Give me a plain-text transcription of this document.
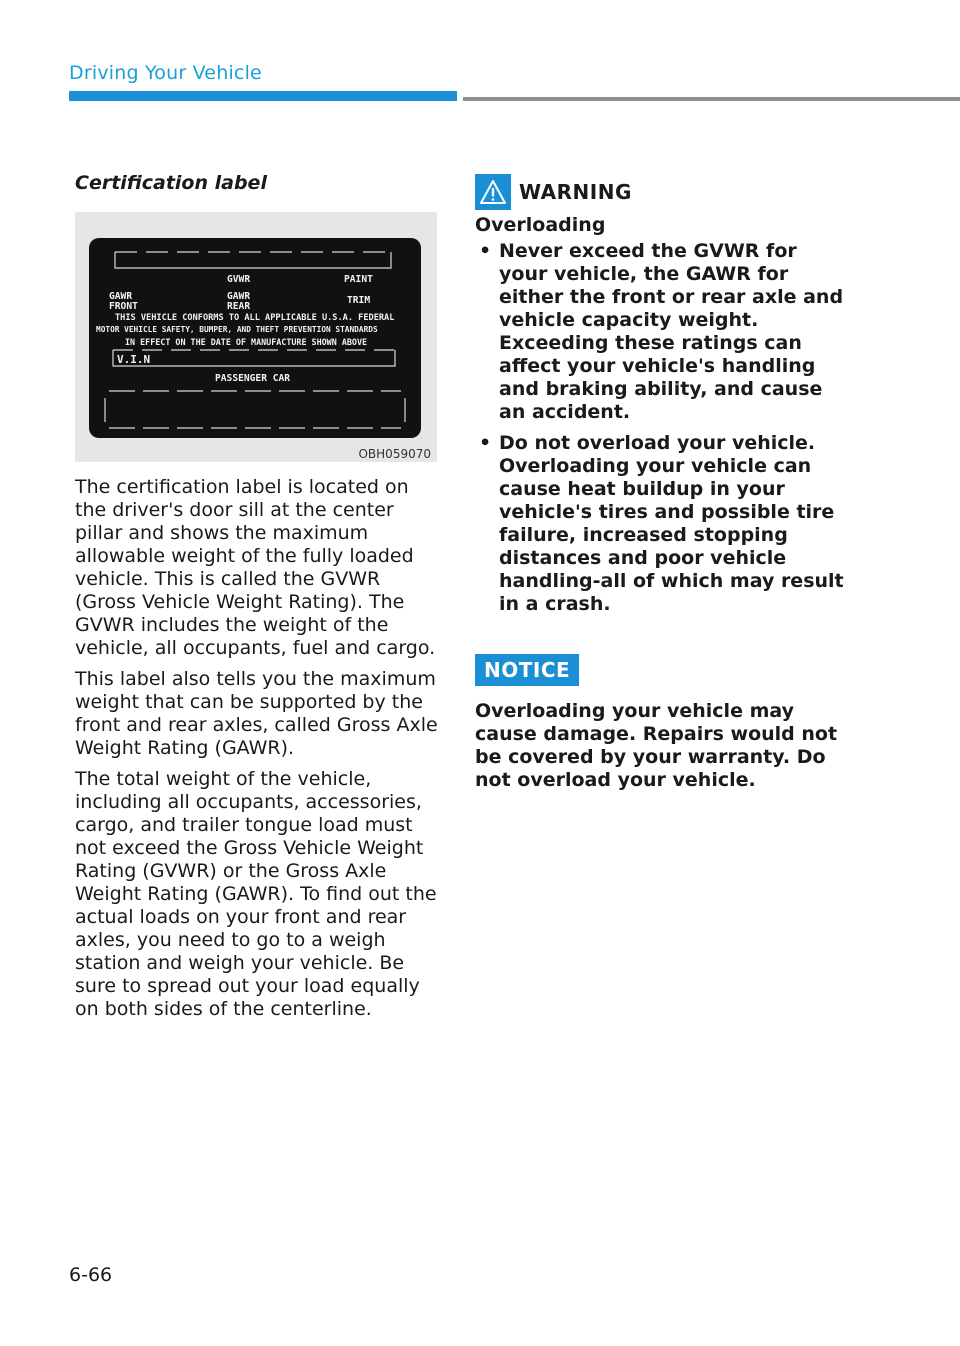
Driving Your Vehicle
Certification label
GVWR	PAINT
GAWR
FRONT
GAWR
REAR
TRIM
THIS VEHICLE CONFORMS TO ALL APPLICABLE U.S.A. FEDERAL
MOTOR VEHICLE SAFETY, BUMPER, AND THEFT PREVENTION STANDARDS
IN EFFECT ON THE DATE OF MANUFACTURE SHOWN ABOVE
V.I.N
PASSENGER CAR
OBH059070

The certification label is located on the driver's door sill at the center pillar and shows the maximum allowable weight of the fully loaded vehicle. This is called the GVWR (Gross Vehicle Weight Rating). The GVWR includes the weight of the vehicle, all occupants, fuel and cargo.

This label also tells you the maximum weight that can be supported by the front and rear axles, called Gross Axle Weight Rating (GAWR).

The total weight of the vehicle, including all occupants, accessories, cargo, and trailer tongue load must not exceed the Gross Vehicle Weight Rating (GVWR) or the Gross Axle Weight Rating (GAWR). To find out the actual loads on your front and rear axles, you need to go to a weigh station and weigh your vehicle. Be sure to spread out your load equally on both sides of the centerline.

WARNING
Overloading
• Never exceed the GVWR for your vehicle, the GAWR for either the front or rear axle and vehicle capacity weight. Exceeding these ratings can affect your vehicle's handling and braking ability, and cause an accident.
• Do not overload your vehicle. Overloading your vehicle can cause heat buildup in your vehicle's tires and possible tire failure, increased stopping distances and poor vehicle handling-all of which may result in a crash.
NOTICE

Overloading your vehicle may cause damage. Repairs would not be covered by your warranty. Do not overload your vehicle.

6-66
